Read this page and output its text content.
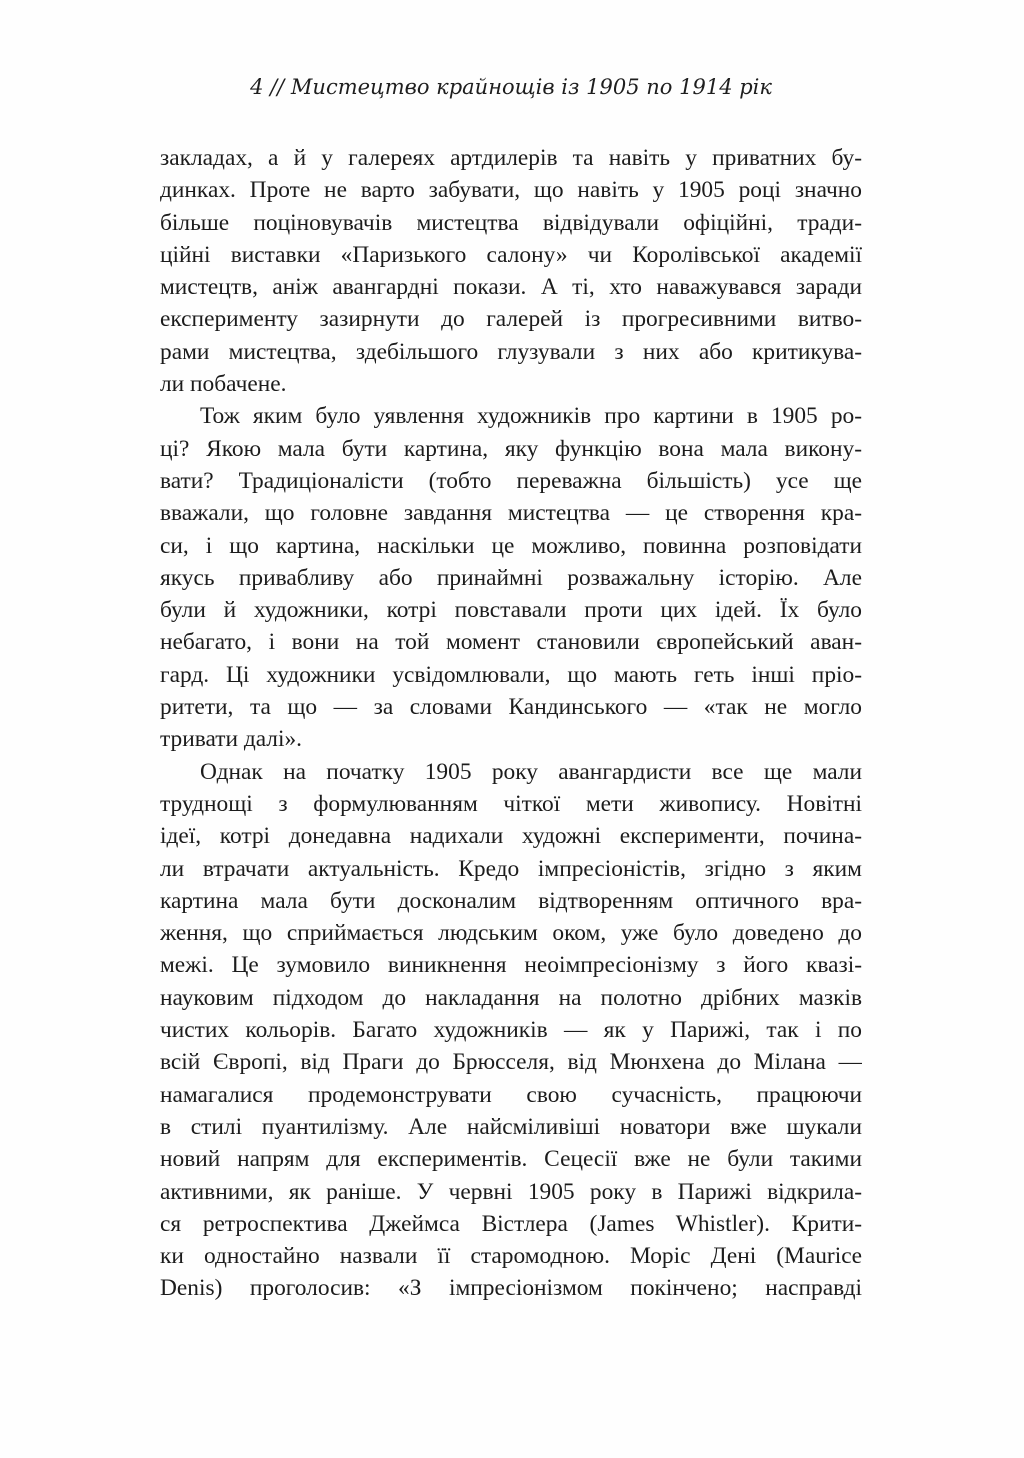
4 // Мистецтво крайнощів із 1905 по 1914 рік

закладах, а й у галереях артдилерів та навіть у приватних бу-
динках. Проте не варто забувати, що навіть у 1905 році значно
більше поціновувачів мистецтва відвідували офіційні, тради-
ційні виставки «Паризького салону» чи Королівської академії
мистецтв, аніж авангардні покази. А ті, хто наважувався заради
експерименту зазирнути до галерей із прогресивними витво-
рами мистецтва, здебільшого глузували з них або критикува-
ли побачене.
Тож яким було уявлення художників про картини в 1905 ро-
ці? Якою мала бути картина, яку функцію вона мала викону-
вати? Традиціоналісти (тобто переважна більшість) усе ще
вважали, що головне завдання мистецтва — це створення кра-
си, і що картина, наскільки це можливо, повинна розповідати
якусь привабливу або принаймні розважальну історію. Але
були й художники, котрі повставали проти цих ідей. Їх було
небагато, і вони на той момент становили європейський аван-
гард. Ці художники усвідомлювали, що мають геть інші пріо-
ритети, та що — за словами Кандинського — «так не могло
тривати далі».
Однак на початку 1905 року авангардисти все ще мали
труднощі з формулюванням чіткої мети живопису. Новітні
ідеї, котрі донедавна надихали художні експерименти, почина-
ли втрачати актуальність. Кредо імпресіоністів, згідно з яким
картина мала бути досконалим відтворенням оптичного вра-
ження, що сприймається людським оком, уже було доведено до
межі. Це зумовило виникнення неоімпресіонізму з його квазі-
науковим підходом до накладання на полотно дрібних мазків
чистих кольорів. Багато художників — як у Парижі, так і по
всій Європі, від Праги до Брюсселя, від Мюнхена до Мілана —
намагалися продемонструвати свою сучасність, працюючи
в стилі пуантилізму. Але найсміливіші новатори вже шукали
новий напрям для експериментів. Сецесії вже не були такими
активними, як раніше. У червні 1905 року в Парижі відкрила-
ся ретроспектива Джеймса Вістлера (James Whistler). Крити-
ки одностайно назвали її старомодною. Моріс Дені (Maurice
Denis) проголосив: «З імпресіонізмом покінчено; насправді
